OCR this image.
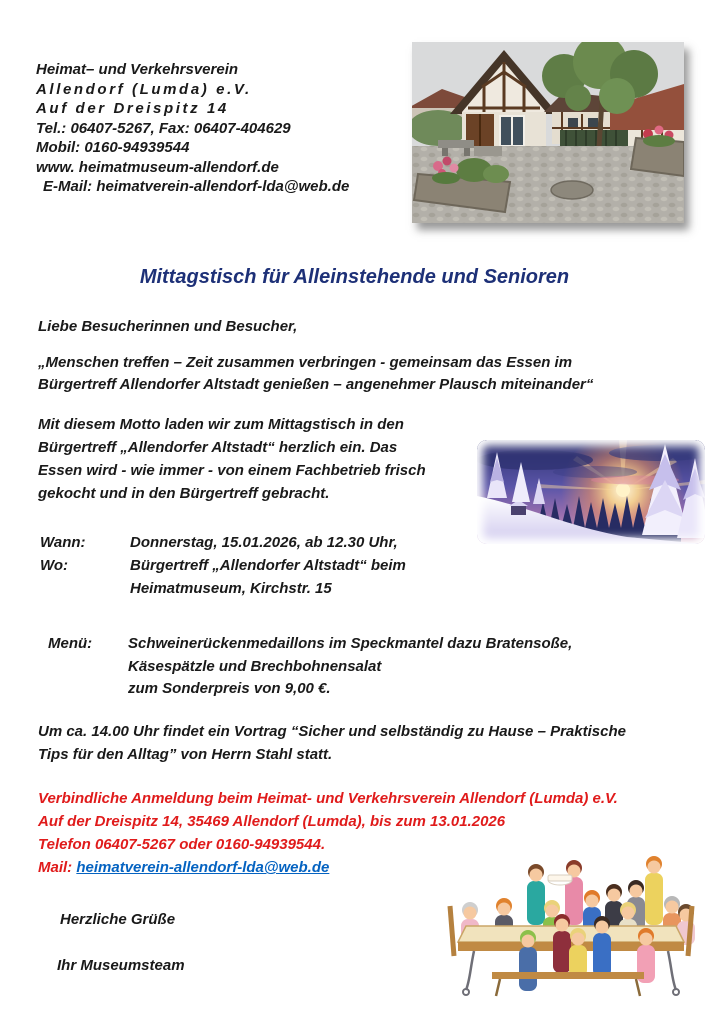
Heimat– und Verkehrsverein
Allendorf (Lumda) e.V.
Auf der Dreispitz 14
Tel.: 06407-5267, Fax: 06407-404629
Mobil: 0160-94939544
www. heimatmuseum-allendorf.de
E-Mail: heimatverein-allendorf-lda@web.de
Mittagstisch für Alleinstehende und Senioren
Liebe Besucherinnen und Besucher,
„Menschen treffen – Zeit zusammen verbringen - gemeinsam das Essen im
Bürgertreff Allendorfer Altstadt genießen – angenehmer Plausch miteinander“
Mit diesem Motto laden wir zum Mittagstisch in den
Bürgertreff „Allendorfer Altstadt“ herzlich ein. Das
Essen wird - wie immer - von einem Fachbetrieb frisch
gekocht und in den Bürgertreff gebracht.
Wann:	Donnerstag, 15.01.2026, ab 12.30 Uhr,
Wo:	Bürgertreff „Allendorfer Altstadt“ beim
Heimatmuseum, Kirchstr. 15
Menü: Schweinerückenmedaillons im Speckmantel dazu Bratensoße,
Käsespätzle und Brechbohnensalat
zum Sonderpreis von 9,00 €.
Um ca. 14.00 Uhr findet ein Vortrag “Sicher und selbständig zu Hause – Praktische
Tips für den Alltag” von Herrn Stahl statt.
Verbindliche Anmeldung beim Heimat- und Verkehrsverein Allendorf (Lumda) e.V.
Auf der Dreispitz 14, 35469 Allendorf (Lumda), bis zum 13.01.2026
Telefon 06407-5267 oder 0160-94939544.
Mail: heimatverein-allendorf-lda@web.de
Herzliche Grüße
Ihr Museumsteam
